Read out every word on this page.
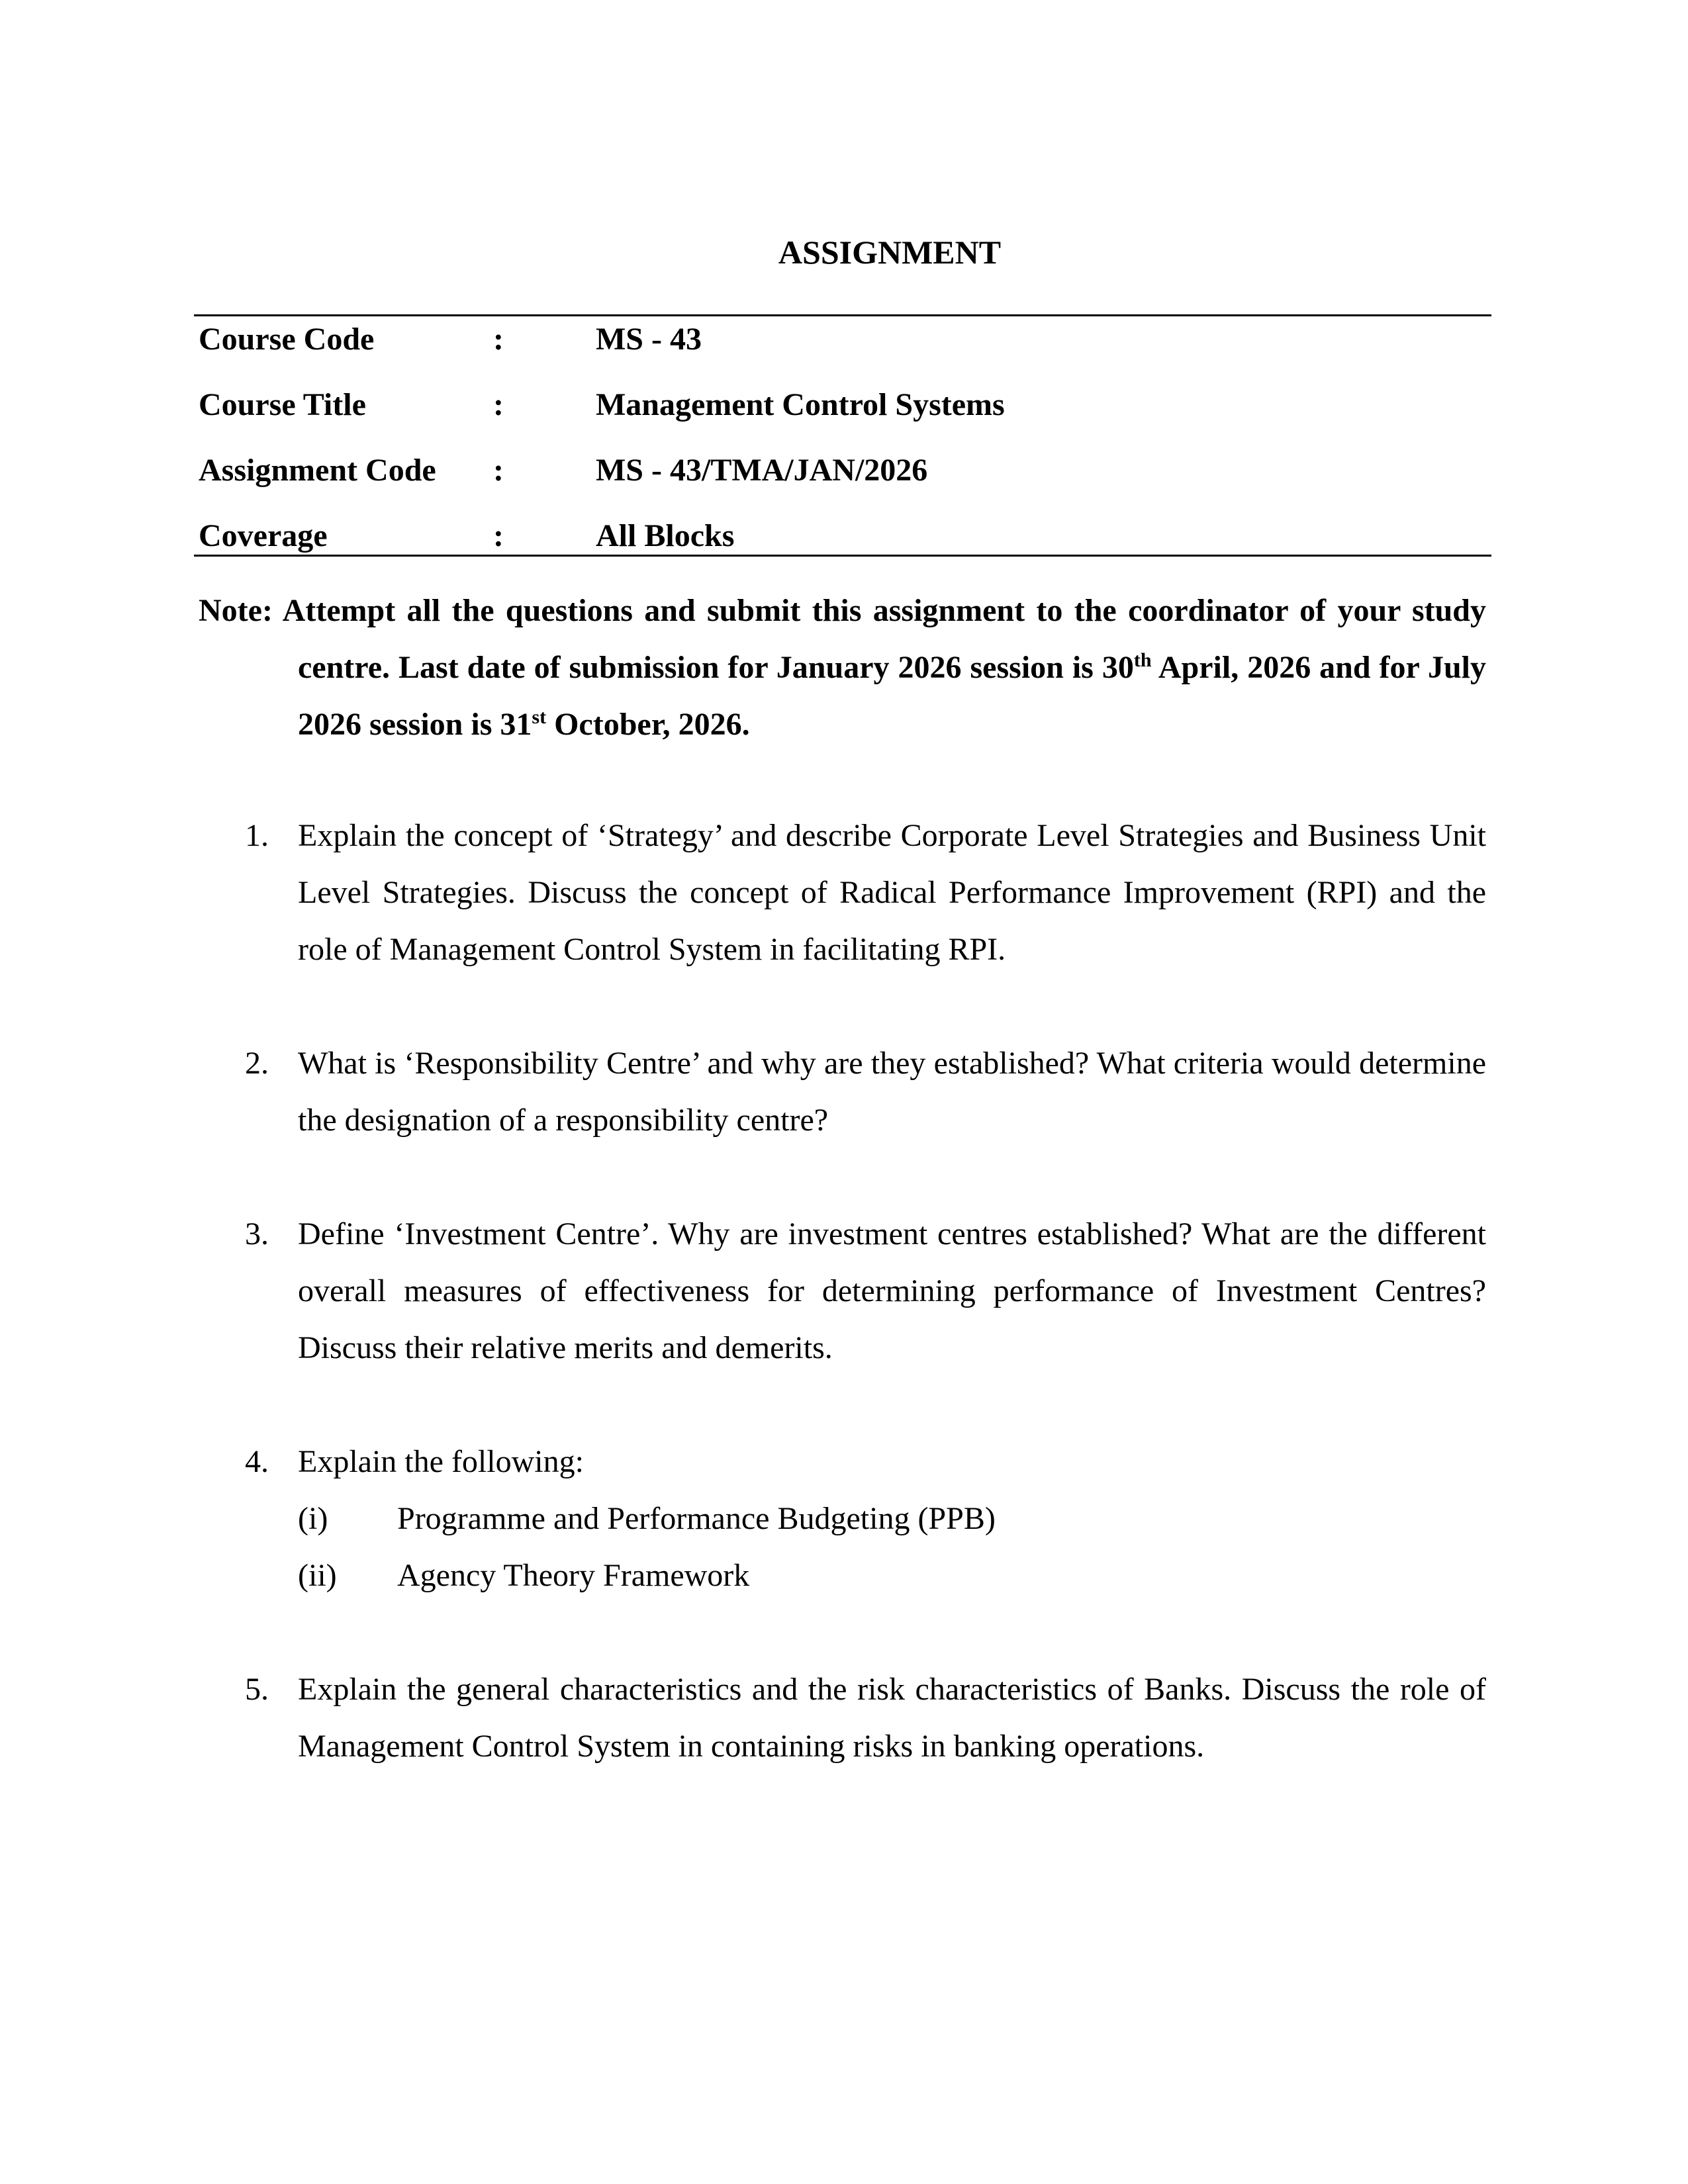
ASSIGNMENT
Course Code	:	MS - 43
Course Title	:	Management Control Systems
Assignment Code :	MS - 43/TMA/JAN/2026
Coverage	:	All Blocks
Note: Attempt all the questions and submit this assignment to the coordinator of your study centre. Last date of submission for January 2026 session is 30th April, 2026 and for July 2026 session is 31st October, 2026.
1. Explain the concept of ‘Strategy’ and describe Corporate Level Strategies and Business Unit Level Strategies. Discuss the concept of Radical Performance Improvement (RPI) and the role of Management Control System in facilitating RPI.
2. What is ‘Responsibility Centre’ and why are they established? What criteria would determine the designation of a responsibility centre?
3. Define ‘Investment Centre’. Why are investment centres established? What are the different overall measures of effectiveness for determining performance of Investment Centres? Discuss their relative merits and demerits.
4. Explain the following:
(i) Programme and Performance Budgeting (PPB)
(ii) Agency Theory Framework
5. Explain the general characteristics and the risk characteristics of Banks. Discuss the role of Management Control System in containing risks in banking operations.
